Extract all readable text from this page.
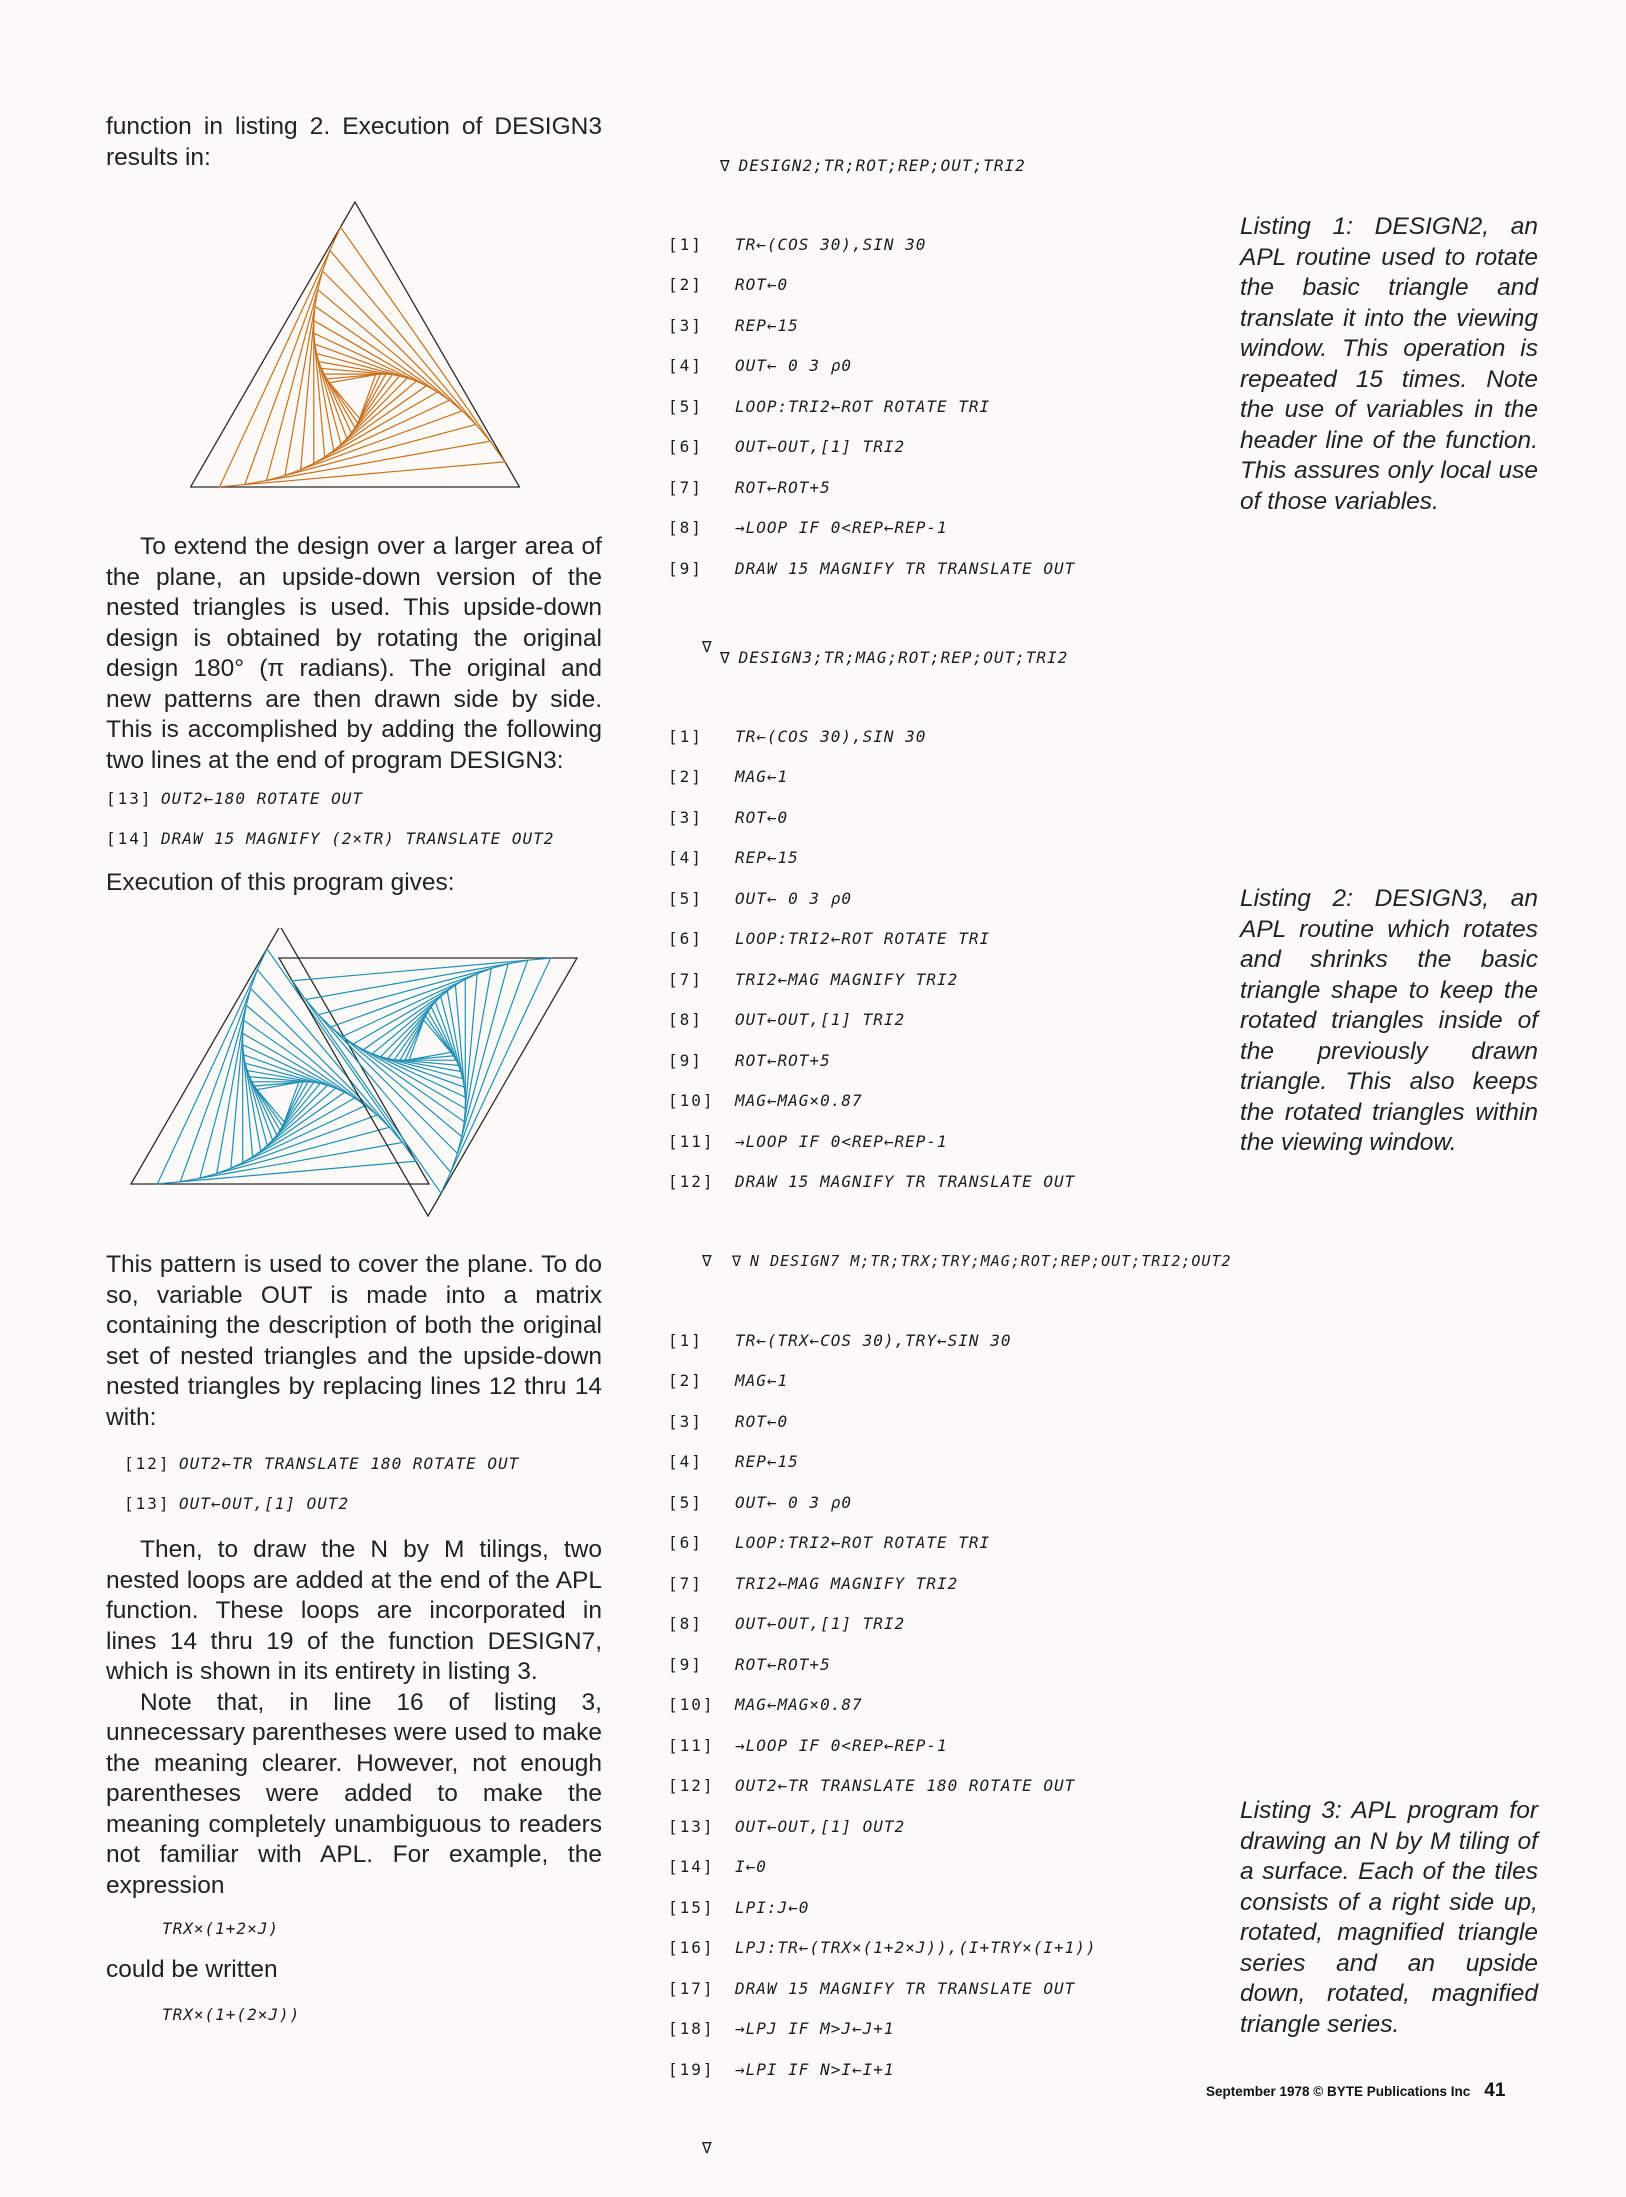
function in listing 2. Execution of DESIGN3 results in:

To extend the design over a larger area of the plane, an upside-down version of the nested triangles is used. This upside-down design is obtained by rotating the original design 180° (π radians). The original and new patterns are then drawn side by side. This is accomplished by adding the following two lines at the end of program DESIGN3:

[13] OUT2←180 ROTATE OUT
[14] DRAW 15 MAGNIFY (2×TR) TRANSLATE OUT2

Execution of this program gives:

This pattern is used to cover the plane. To do so, variable OUT is made into a matrix containing the description of both the original set of nested triangles and the upside-down nested triangles by replacing lines 12 thru 14 with:

[12] OUT2←TR TRANSLATE 180 ROTATE OUT
[13] OUT←OUT,[1] OUT2

Then, to draw the N by M tilings, two nested loops are added at the end of the APL function. These loops are incorporated in lines 14 thru 19 of the function DESIGN7, which is shown in its entirety in listing 3.

Note that, in line 16 of listing 3, unnecessary parentheses were used to make the meaning clearer. However, not enough parentheses were added to make the meaning completely unambiguous to readers not familiar with APL. For example, the expression

TRX×(1+2×J)

could be written

TRX×(1+(2×J))

∇ DESIGN2;TR;ROT;REP;OUT;TRI2

[1]	TR←(COS 30),SIN 30
[2]	ROT←0
[3]	REP←15
[4]	OUT← 0 3 ρ0
[5]	LOOP:TRI2←ROT ROTATE TRI
[6]	OUT←OUT,[1] TRI2
[7]	ROT←ROT+5
[8]	→LOOP IF 0<REP←REP-1
[9]	DRAW 15 MAGNIFY TR TRANSLATE OUT

∇

Listing 1: DESIGN2, an APL routine used to rotate the basic triangle and translate it into the viewing window. This operation is repeated 15 times. Note the use of variables in the header line of the function. This assures only local use of those variables.

∇ DESIGN3;TR;MAG;ROT;REP;OUT;TRI2

[1]	TR←(COS 30),SIN 30
[2]	MAG←1
[3]	ROT←0
[4]	REP←15
[5]	OUT← 0 3 ρ0
[6]	LOOP:TRI2←ROT ROTATE TRI
[7]	TRI2←MAG MAGNIFY TRI2
[8]	OUT←OUT,[1] TRI2
[9]	ROT←ROT+5
[10]	MAG←MAG×0.87
[11]	→LOOP IF 0<REP←REP-1
[12]	DRAW 15 MAGNIFY TR TRANSLATE OUT

∇

Listing 2: DESIGN3, an APL routine which rotates and shrinks the basic triangle shape to keep the rotated triangles inside of the previously drawn triangle. This also keeps the rotated triangles within the viewing window.

∇ N DESIGN7 M;TR;TRX;TRY;MAG;ROT;REP;OUT;TRI2;OUT2

[1]	TR←(TRX←COS 30),TRY←SIN 30
[2]	MAG←1
[3]	ROT←0
[4]	REP←15
[5]	OUT← 0 3 ρ0
[6]	LOOP:TRI2←ROT ROTATE TRI
[7]	TRI2←MAG MAGNIFY TRI2
[8]	OUT←OUT,[1] TRI2
[9]	ROT←ROT+5
[10]	MAG←MAG×0.87
[11]	→LOOP IF 0<REP←REP-1
[12]	OUT2←TR TRANSLATE 180 ROTATE OUT
[13]	OUT←OUT,[1] OUT2
[14]	I←0
[15]	LPI:J←0
[16]	LPJ:TR←(TRX×(1+2×J)),(I+TRY×(I+1))
[17]	DRAW 15 MAGNIFY TR TRANSLATE OUT
[18]	→LPJ IF M>J←J+1
[19]	→LPI IF N>I←I+1

∇

Listing 3: APL program for drawing an N by M tiling of a surface. Each of the tiles consists of a right side up, rotated, magnified triangle series and an upside down, rotated, magnified triangle series.

September 1978 © BYTE Publications Inc 41
